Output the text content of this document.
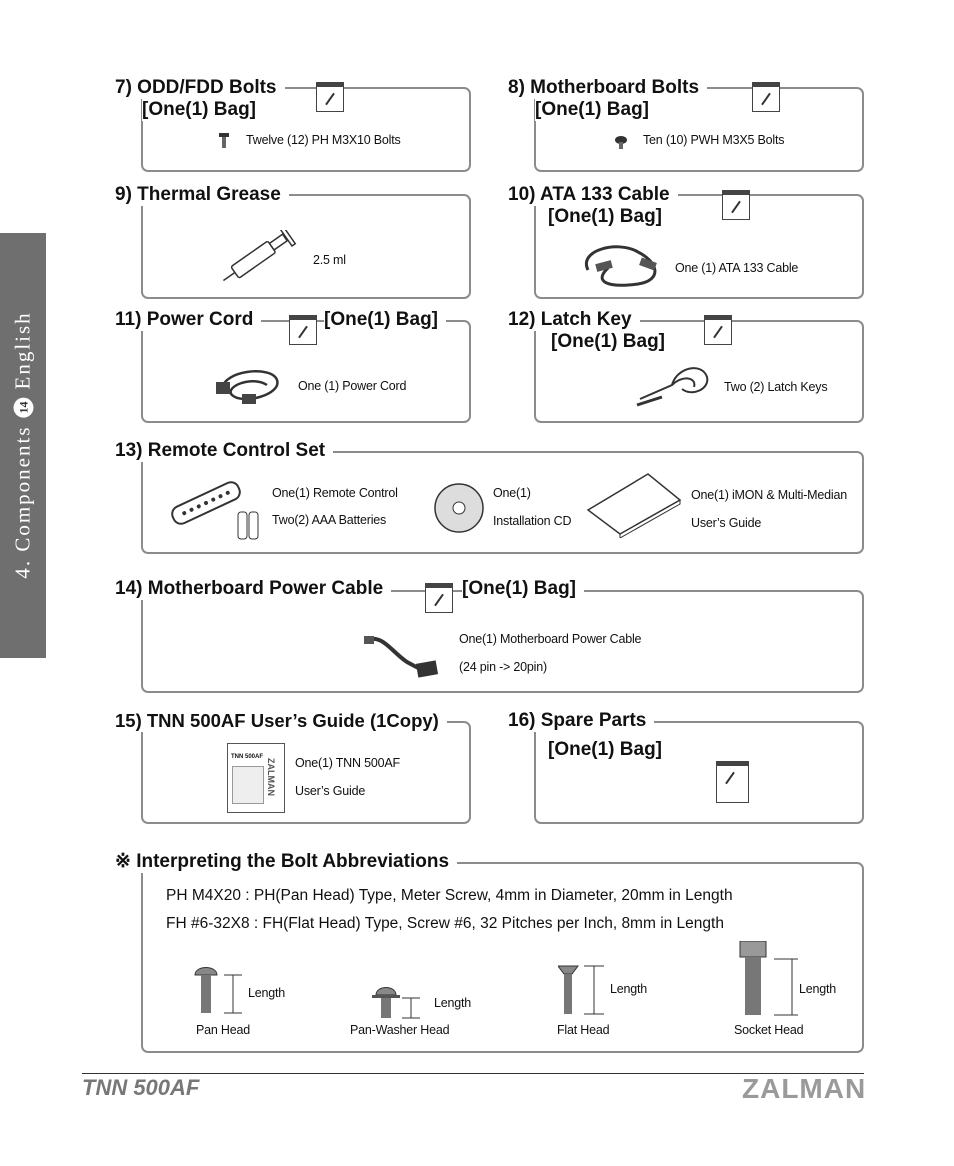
4. Components
14
English
7) ODD/FDD Bolts
[One(1) Bag]
Twelve (12) PH M3X10 Bolts
8) Motherboard Bolts
[One(1) Bag]
Ten (10) PWH M3X5 Bolts
9) Thermal Grease
2.5 ml
10) ATA 133 Cable
[One(1) Bag]
One (1) ATA 133 Cable
11) Power Cord	[One(1) Bag]
One (1) Power Cord
12) Latch Key
[One(1) Bag]
Two (2) Latch Keys
13) Remote Control Set
One(1) Remote Control
Two(2) AAA Batteries
One(1)
Installation CD
One(1) iMON & Multi-Median
User’s Guide
14) Motherboard Power Cable	[One(1) Bag]
One(1) Motherboard Power Cable
(24 pin -> 20pin)
15) TNN 500AF User’s Guide (1Copy)
TNN 500AF
ZALMAN One(1) TNN 500AF
User’s Guide
16) Spare Parts
[One(1) Bag]
※ Interpreting the Bolt Abbreviations
PH M4X20 : PH(Pan Head) Type, Meter Screw, 4mm in Diameter, 20mm in Length
FH #6-32X8 : FH(Flat Head) Type, Screw #6, 32 Pitches per Inch, 8mm in Length
Length
Pan Head
Length
Pan-Washer Head
Length
Flat Head
Length
Socket Head
TNN 500AF	ZALMAN
